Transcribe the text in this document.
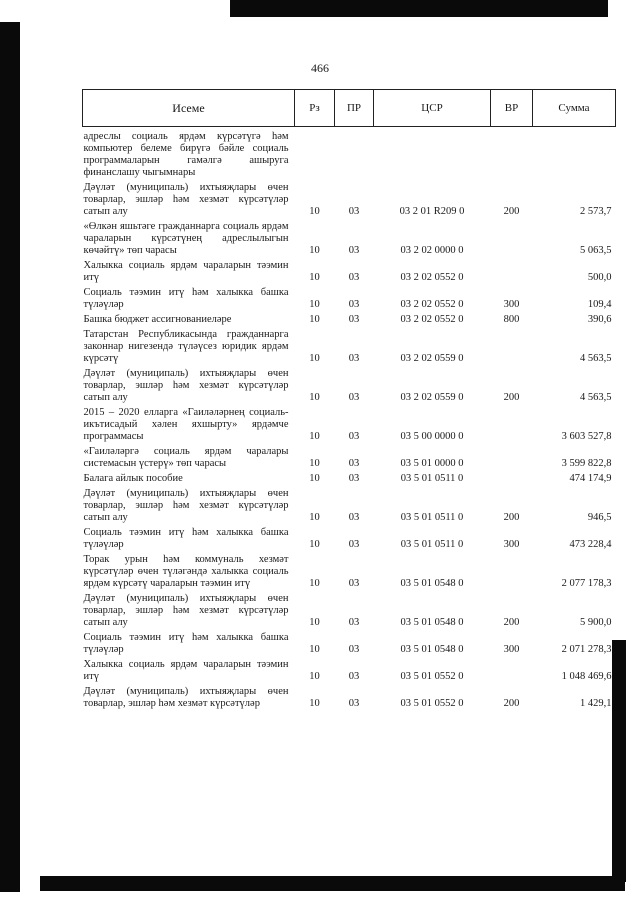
466
Исеме	Рз	ПР	ЦСР	ВР	Сумма
адреслы социаль ярдәм күрсәтүгә һәм компьютер белеме бирүгә бәйле социаль программаларын гамәлгә ашыруга финанслашу чыгымнары					
Дәүләт (муниципаль) ихтыяҗлары өчен товарлар, эшләр һәм хезмәт күрсәтүләр сатып алу	10	03	03 2 01 R209 0	200	2 573,7
«Өлкән яшьтәге гражданнарга социаль ярдәм чараларын күрсәтүнең адреслылыгын көчәйтү» төп чарасы	10	03	03 2 02 0000 0		5 063,5
Халыкка социаль ярдәм чараларын тәэмин итү	10	03	03 2 02 0552 0		500,0
Социаль тәэмин итү һәм халыкка башка түләүләр	10	03	03 2 02 0552 0	300	109,4
Башка бюджет ассигнованиеләре	10	03	03 2 02 0552 0	800	390,6
Татарстан Республикасында гражданнарга законнар нигезендә түләүсез юридик ярдәм күрсәтү	10	03	03 2 02 0559 0		4 563,5
Дәүләт (муниципаль) ихтыяҗлары өчен товарлар, эшләр һәм хезмәт күрсәтүләр сатып алу	10	03	03 2 02 0559 0	200	4 563,5
2015 – 2020 елларга «Гаиләләрнең социаль-икътисадый хәлен яхшырту» ярдәмче программасы	10	03	03 5 00 0000 0		3 603 527,8
«Гаиләләргә социаль ярдәм чаралары системасын үстерү» төп чарасы	10	03	03 5 01 0000 0		3 599 822,8
Балага айлык пособие	10	03	03 5 01 0511 0		474 174,9
Дәүләт (муниципаль) ихтыяҗлары өчен товарлар, эшләр һәм хезмәт күрсәтүләр сатып алу	10	03	03 5 01 0511 0	200	946,5
Социаль тәэмин итү һәм халыкка башка түләүләр	10	03	03 5 01 0511 0	300	473 228,4
Торак урын һәм коммуналь хезмәт күрсәтүләр өчен түләгәндә халыкка социаль ярдәм күрсәтү чараларын тәэмин итү	10	03	03 5 01 0548 0		2 077 178,3
Дәүләт (муниципаль) ихтыяҗлары өчен товарлар, эшләр һәм хезмәт күрсәтүләр сатып алу	10	03	03 5 01 0548 0	200	5 900,0
Социаль тәэмин итү һәм халыкка башка түләүләр	10	03	03 5 01 0548 0	300	2 071 278,3
Халыкка социаль ярдәм чараларын тәэмин итү	10	03	03 5 01 0552 0		1 048 469,6
Дәүләт (муниципаль) ихтыяҗлары өчен товарлар, эшләр һәм хезмәт күрсәтүләр	10	03	03 5 01 0552 0	200	1 429,1
